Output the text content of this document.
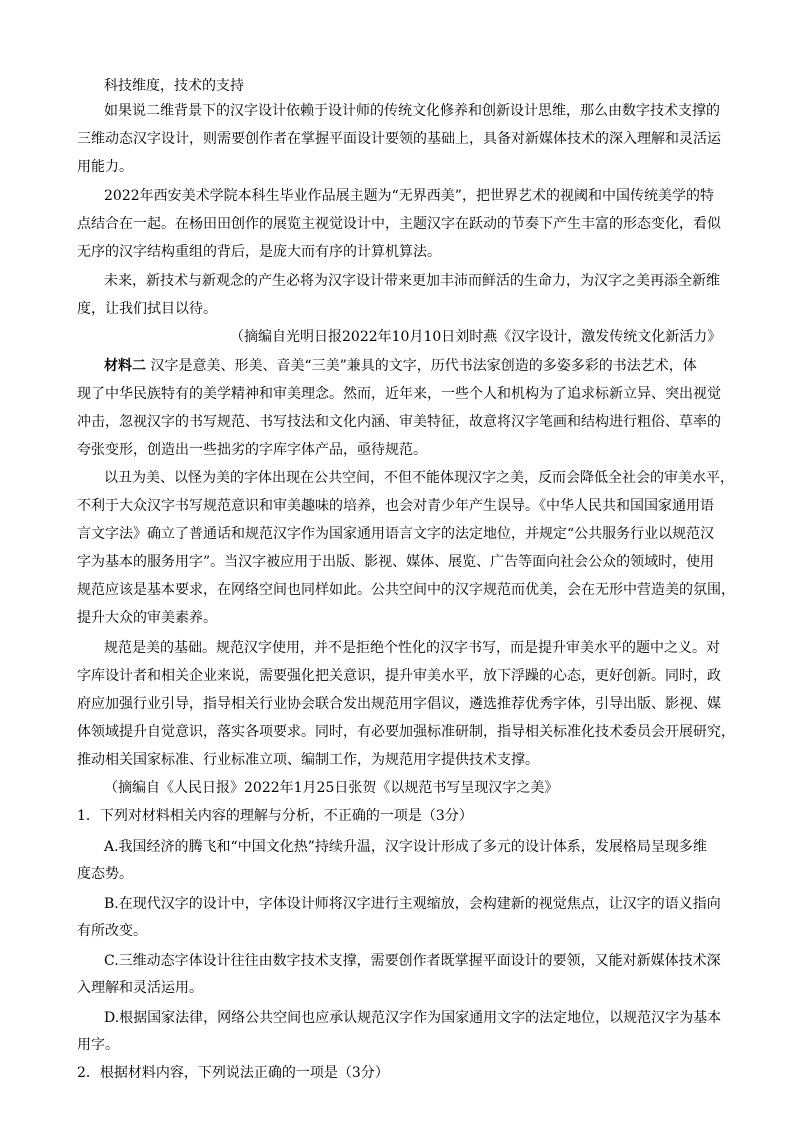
科技维度，技术的支持
如果说二维背景下的汉字设计依赖于设计师的传统文化修养和创新设计思维，那么由数字技术支撑的
三维动态汉字设计，则需要创作者在掌握平面设计要领的基础上，具备对新媒体技术的深入理解和灵活运
用能力。
2022年西安美术学院本科生毕业作品展主题为“无界西美”，把世界艺术的视阈和中国传统美学的特
点结合在一起。在杨田田创作的展览主视觉设计中，主题汉字在跃动的节奏下产生丰富的形态变化，看似
无序的汉字结构重组的背后，是庞大而有序的计算机算法。
未来，新技术与新观念的产生必将为汉字设计带来更加丰沛而鲜活的生命力，为汉字之美再添全新维
度，让我们拭目以待。
（摘编自光明日报2022年10月10日刘时燕《汉字设计，激发传统文化新活力》
材料二 汉字是意美、形美、音美“三美”兼具的文字，历代书法家创造的多姿多彩的书法艺术，体
现了中华民族特有的美学精神和审美理念。然而，近年来，一些个人和机构为了追求标新立异、突出视觉
冲击，忽视汉字的书写规范、书写技法和文化内涵、审美特征，故意将汉字笔画和结构进行粗俗、草率的
夸张变形，创造出一些拙劣的字库字体产品，亟待规范。
以丑为美、以怪为美的字体出现在公共空间，不但不能体现汉字之美，反而会降低全社会的审美水平，
不利于大众汉字书写规范意识和审美趣味的培养，也会对青少年产生误导。《中华人民共和国国家通用语
言文字法》确立了普通话和规范汉字作为国家通用语言文字的法定地位，并规定“公共服务行业以规范汉
字为基本的服务用字”。当汉字被应用于出版、影视、媒体、展览、广告等面向社会公众的领域时，使用
规范应该是基本要求，在网络空间也同样如此。公共空间中的汉字规范而优美，会在无形中营造美的氛围，
提升大众的审美素养。
规范是美的基础。规范汉字使用，并不是拒绝个性化的汉字书写，而是提升审美水平的题中之义。对
字库设计者和相关企业来说，需要强化把关意识，提升审美水平，放下浮躁的心态，更好创新。同时，政
府应加强行业引导，指导相关行业协会联合发出规范用字倡议，遴选推荐优秀字体，引导出版、影视、媒
体领域提升自觉意识，落实各项要求。同时，有必要加强标准研制，指导相关标准化技术委员会开展研究，
推动相关国家标准、行业标准立项、编制工作，为规范用字提供技术支撑。
（摘编自《人民日报》2022年1月25日张贺《以规范书写呈现汉字之美》
1．下列对材料相关内容的理解与分析，不正确的一项是（3分）
A.我国经济的腾飞和“中国文化热”持续升温，汉字设计形成了多元的设计体系，发展格局呈现多维
度态势。
B.在现代汉字的设计中，字体设计师将汉字进行主观缩放，会构建新的视觉焦点，让汉字的语义指向
有所改变。
C.三维动态字体设计往往由数字技术支撑，需要创作者既掌握平面设计的要领，又能对新媒体技术深
入理解和灵活运用。
D.根据国家法律，网络公共空间也应承认规范汉字作为国家通用文字的法定地位，以规范汉字为基本
用字。
2．根据材料内容，下列说法正确的一项是（3分）
